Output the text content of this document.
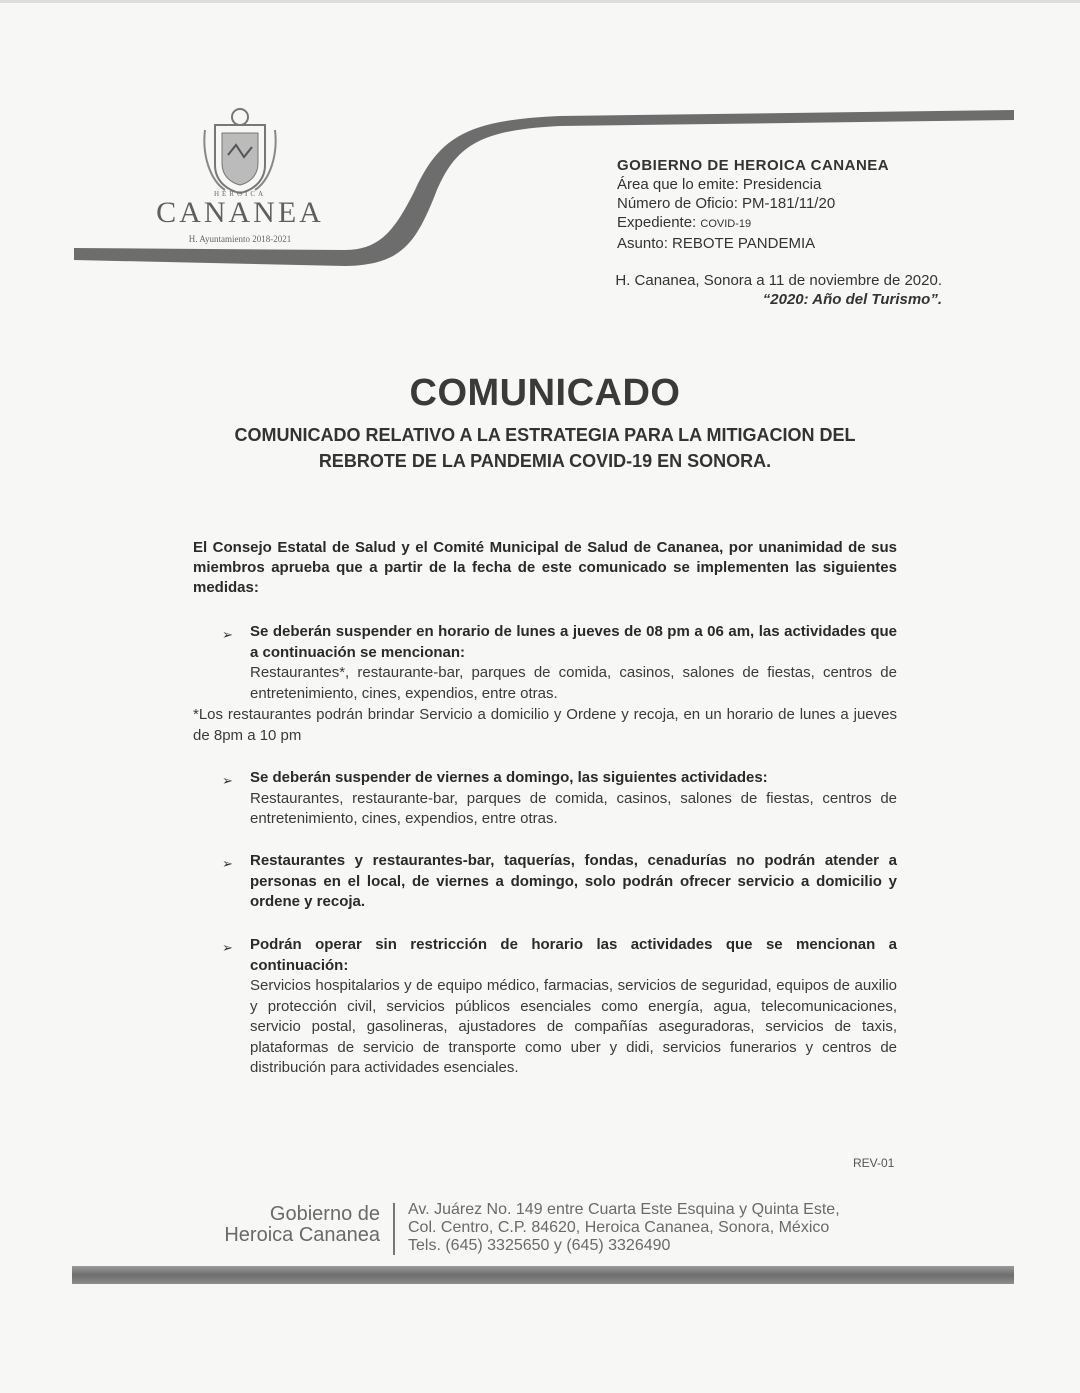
HEROICA
CANANEA
H. Ayuntamiento 2018-2021
GOBIERNO DE HEROICA CANANEA
Área que lo emite: Presidencia
Número de Oficio: PM-181/11/20
Expediente: COVID-19
Asunto: REBOTE PANDEMIA
H. Cananea, Sonora a 11 de noviembre de 2020.
“2020: Año del Turismo”.
COMUNICADO
COMUNICADO RELATIVO A LA ESTRATEGIA PARA LA MITIGACION DEL REBROTE DE LA PANDEMIA COVID-19 EN SONORA.
El Consejo Estatal de Salud y el Comité Municipal de Salud de Cananea, por unanimidad de sus miembros aprueba que a partir de la fecha de este comunicado se implementen las siguientes medidas:
➢ Se deberán suspender en horario de lunes a jueves de 08 pm a 06 am, las actividades que a continuación se mencionan:
Restaurantes*, restaurante-bar, parques de comida, casinos, salones de fiestas, centros de entretenimiento, cines, expendios, entre otras.
*Los restaurantes podrán brindar Servicio a domicilio y Ordene y recoja, en un horario de lunes a jueves de 8pm a 10 pm
➢ Se deberán suspender de viernes a domingo, las siguientes actividades:
Restaurantes, restaurante-bar, parques de comida, casinos, salones de fiestas, centros de entretenimiento, cines, expendios, entre otras.
➢ Restaurantes y restaurantes-bar, taquerías, fondas, cenadurías no podrán atender a personas en el local, de viernes a domingo, solo podrán ofrecer servicio a domicilio y ordene y recoja.
➢ Podrán operar sin restricción de horario las actividades que se mencionan a continuación:
Servicios hospitalarios y de equipo médico, farmacias, servicios de seguridad, equipos de auxilio y protección civil, servicios públicos esenciales como energía, agua, telecomunicaciones, servicio postal, gasolineras, ajustadores de compañías aseguradoras, servicios de taxis, plataformas de servicio de transporte como uber y didi, servicios funerarios y centros de distribución para actividades esenciales.
REV-01
Gobierno de
Heroica Cananea
Av. Juárez No. 149 entre Cuarta Este Esquina y Quinta Este,
Col. Centro, C.P. 84620, Heroica Cananea, Sonora, México
Tels. (645) 3325650 y (645) 3326490
